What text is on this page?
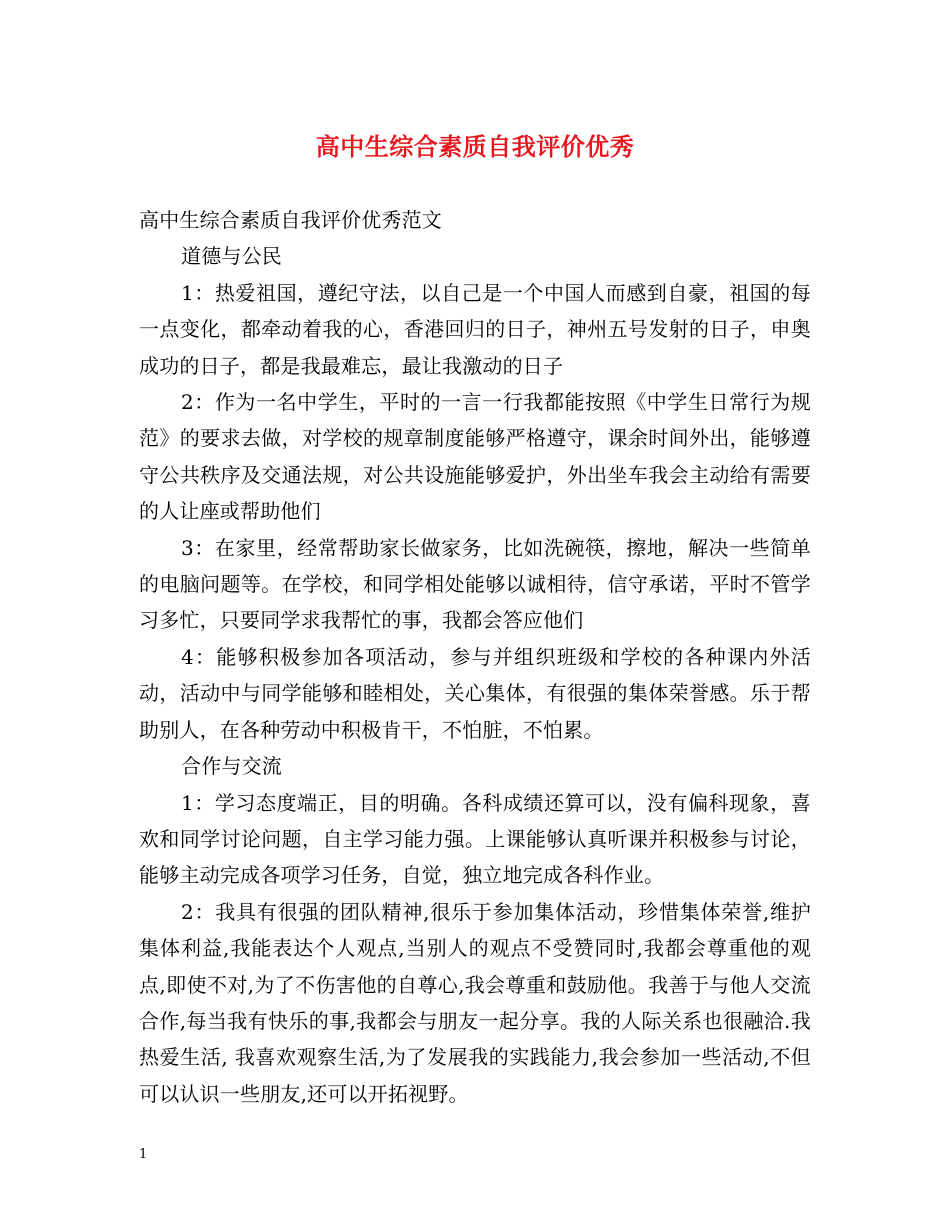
高中生综合素质自我评价优秀

高中生综合素质自我评价优秀范文

道德与公民

1：热爱祖国，遵纪守法，以自己是一个中国人而感到自豪，祖国的每一点变化，都牵动着我的心，香港回归的日子，神州五号发射的日子，申奥成功的日子，都是我最难忘，最让我激动的日子

2：作为一名中学生，平时的一言一行我都能按照《中学生日常行为规范》的要求去做，对学校的规章制度能够严格遵守，课余时间外出，能够遵守公共秩序及交通法规，对公共设施能够爱护，外出坐车我会主动给有需要的人让座或帮助他们

3：在家里，经常帮助家长做家务，比如洗碗筷，擦地，解决一些简单的电脑问题等。在学校，和同学相处能够以诚相待，信守承诺，平时不管学习多忙，只要同学求我帮忙的事，我都会答应他们

4：能够积极参加各项活动，参与并组织班级和学校的各种课内外活动，活动中与同学能够和睦相处，关心集体，有很强的集体荣誉感。乐于帮助别人，在各种劳动中积极肯干，不怕脏，不怕累。

合作与交流

1：学习态度端正，目的明确。各科成绩还算可以，没有偏科现象，喜欢和同学讨论问题，自主学习能力强。上课能够认真听课并积极参与讨论，能够主动完成各项学习任务，自觉，独立地完成各科作业。

2：我具有很强的团队精神,很乐于参加集体活动，珍惜集体荣誉,维护集体利益,我能表达个人观点,当别人的观点不受赞同时,我都会尊重他的观点,即使不对,为了不伤害他的自尊心,我会尊重和鼓励他。我善于与他人交流合作,每当我有快乐的事,我都会与朋友一起分享。我的人际关系也很融洽.我热爱生活, 我喜欢观察生活,为了发展我的实践能力,我会参加一些活动,不但可以认识一些朋友,还可以开拓视野。

1
